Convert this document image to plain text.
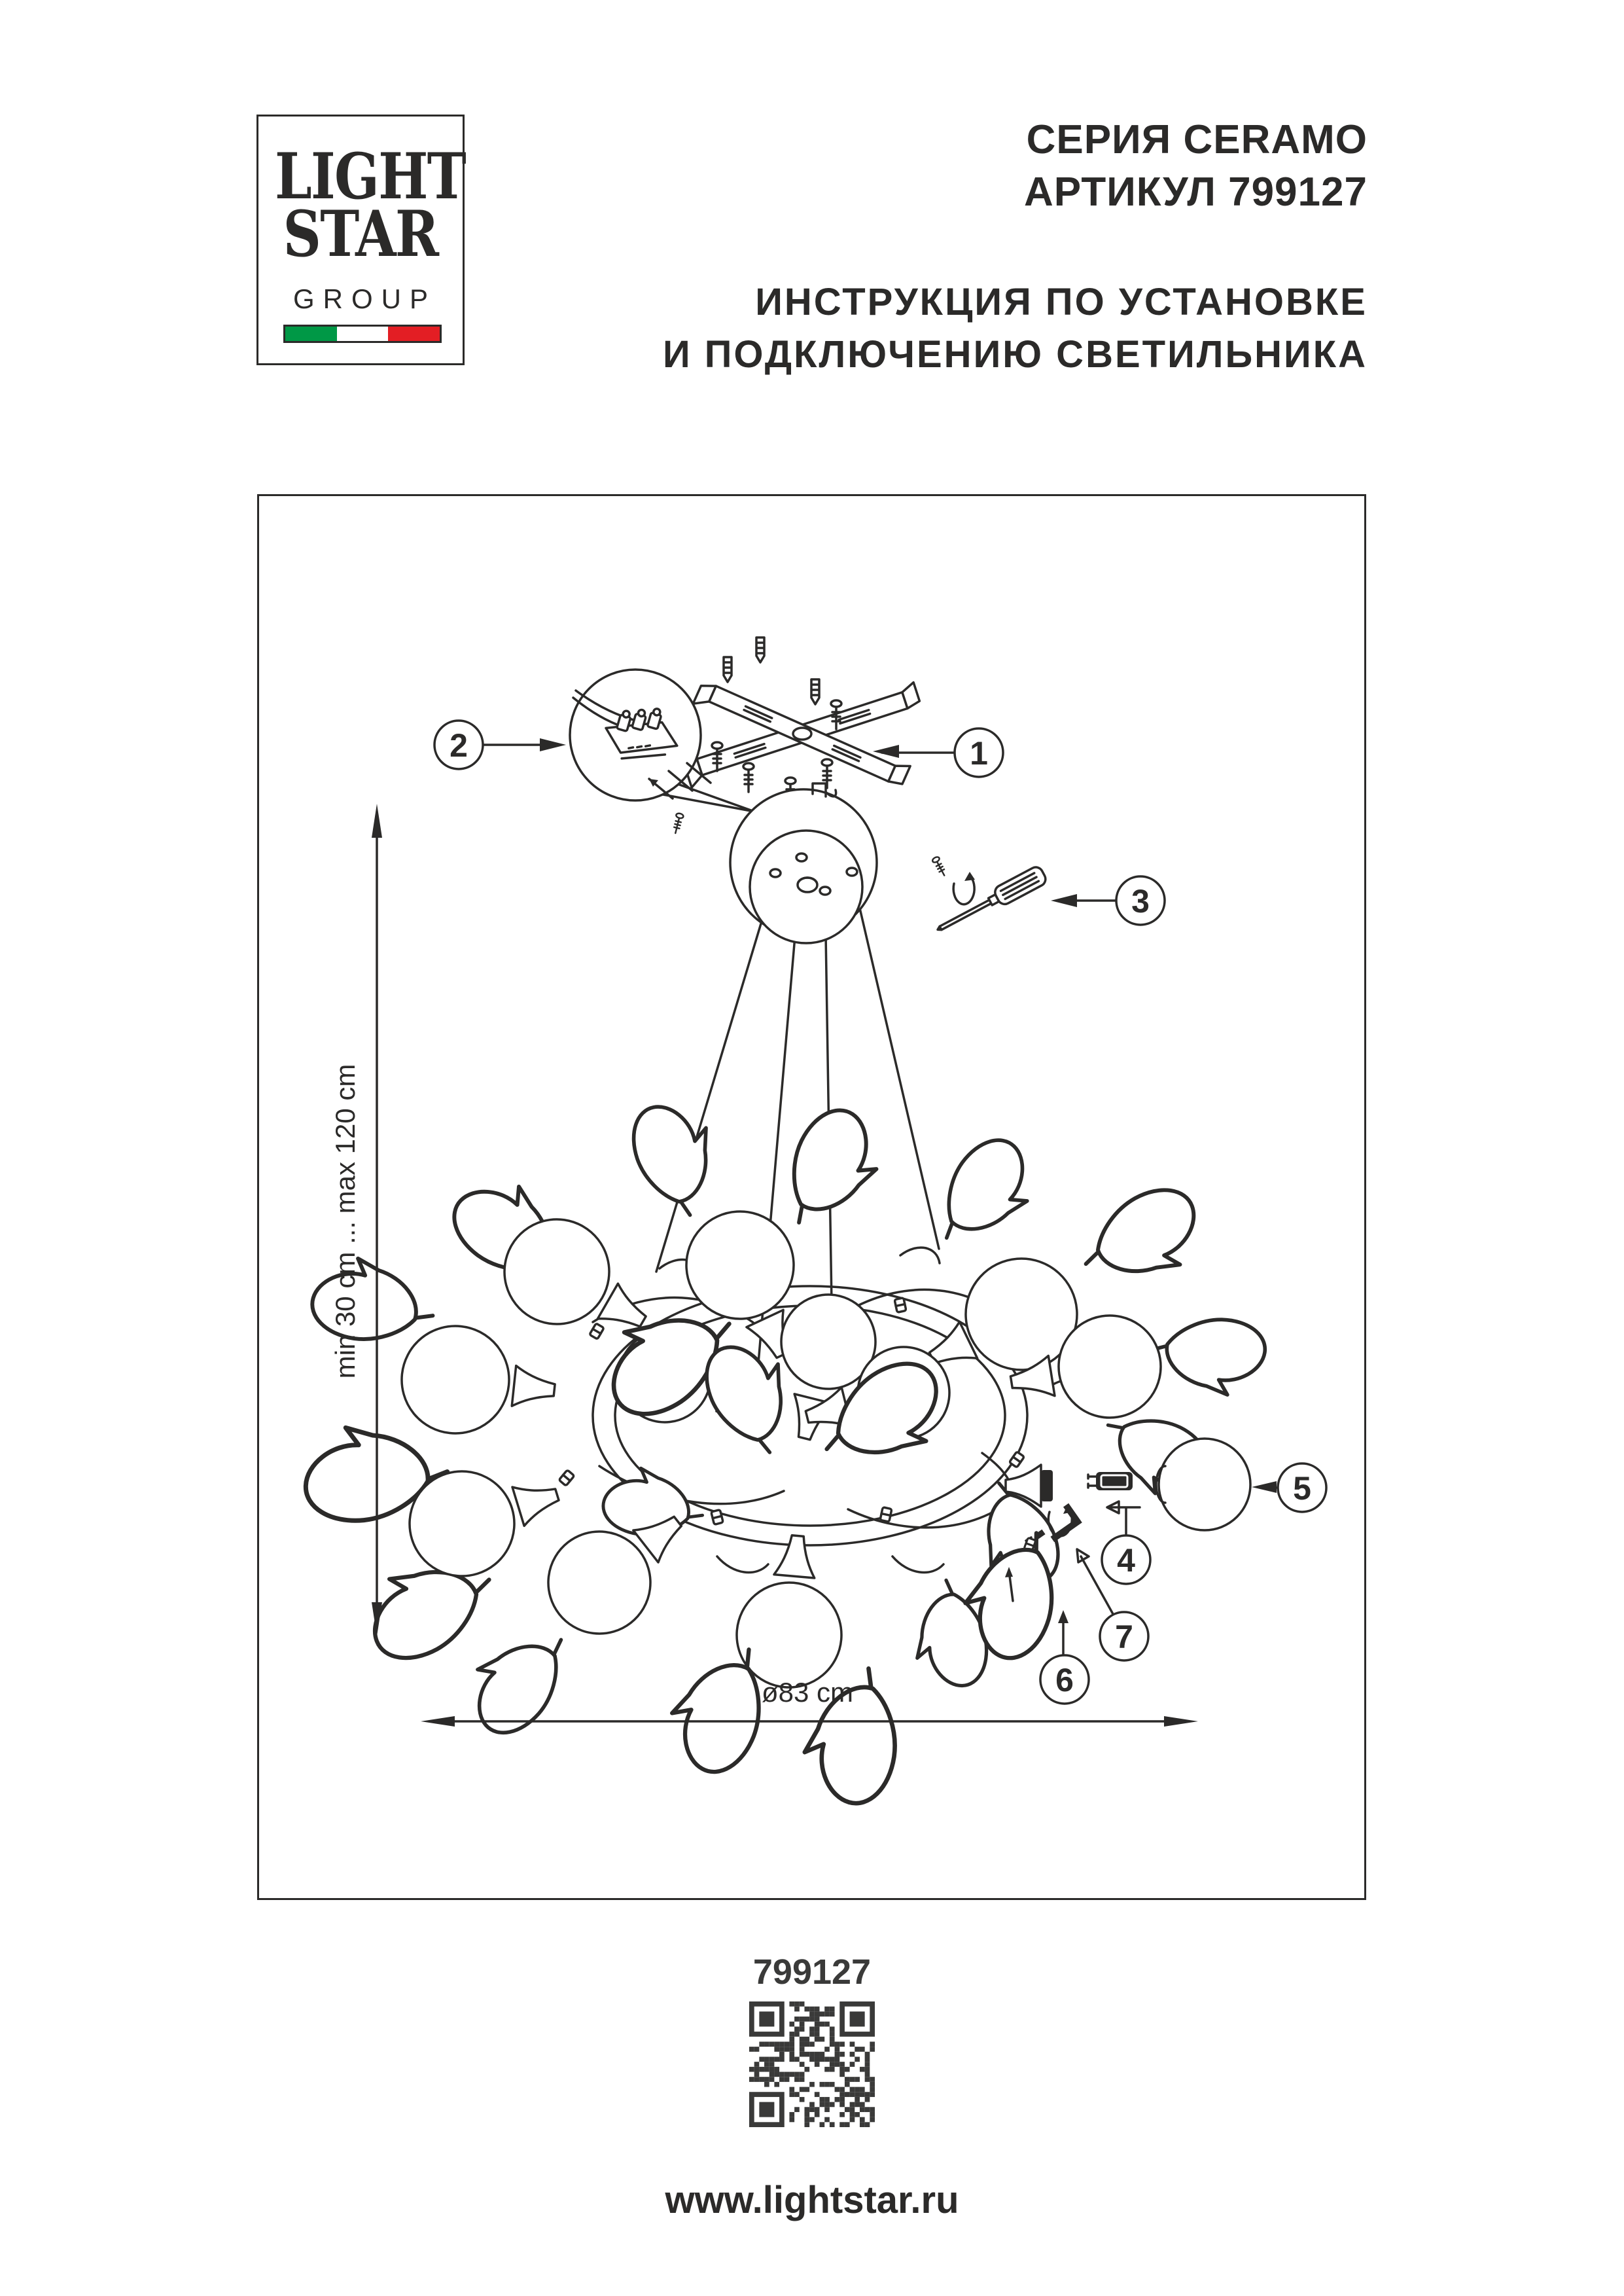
LIGHT
STAR
GROUP
СЕРИЯ CERAMO
АРТИКУЛ 799127
ИНСТРУКЦИЯ ПО УСТАНОВКЕ
И ПОДКЛЮЧЕНИЮ СВЕТИЛЬНИКА
min 30 cm ... max 120 cm
ø83 cm
1
2
3
4
5
6
7
799127
www.lightstar.ru
